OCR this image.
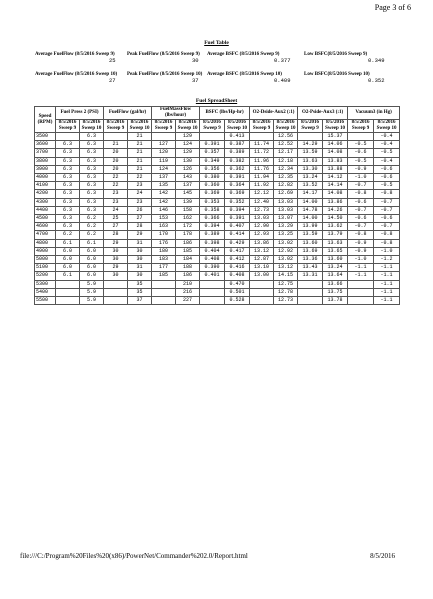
Page 3 of 6
Fuel Table
Average FuelFlow (8/5/2016 Sweep 9)
25
Peak FuelFlow (8/5/2016 Sweep 9)
30
Average BSFC (8/5/2016 Sweep 9)
0.377
Low BSFC(8/5/2016 Sweep 9)
0.349
Average FuelFlow (8/5/2016 Sweep 10)
27
Peak FuelFlow (8/5/2016 Sweep 10)
37
Average BSFC (8/5/2016 Sweep 10)
0.409
Low BSFC(8/5/2016 Sweep 10)
0.352
Fuel SpreadSheet
Speed (RPM)	Fuel Press 2 (PSI)		FuelFlow (gal/hr)		FuelMassFlow (lbs/hour)		BSFC (lbs/Hp-hr)		O2-Dside-Aux2 (:1)		O2-Pside-Aux3 (:1)		Vacuum3 (in Hg)	
	8/5/2016 Sweep 9	8/5/2016 Sweep 10	8/5/2016 Sweep 9	8/5/2016 Sweep 10	8/5/2016 Sweep 9	8/5/2016 Sweep 10	8/5/2016 Sweep 9	8/5/2016 Sweep 10	8/5/2016 Sweep 9	8/5/2016 Sweep 10	8/5/2016 Sweep 9	8/5/2016 Sweep 10	8/5/2016 Sweep 9	8/5/2016 Sweep 10
3500		6.3		21		129		0.413		12.56		15.37		-0.4
3600	6.3	6.3	21	21	127	124	0.391	0.387	11.74	12.52	14.29	14.06	-0.5	-0.4
3700	6.3	6.3	20	21	120	129	0.357	0.389	11.72	12.17	13.59	14.08	-0.6	-0.5
3800	6.3	6.3	20	21	119	130	0.349	0.382	11.96	12.18	13.63	13.83	-0.5	-0.4
3900	6.3	6.3	20	21	124	126	0.356	0.362	11.76	12.34	13.30	13.88	-0.9	-0.6
4000	6.3	6.3	22	22	137	143	0.380	0.391	11.94	12.35	13.24	14.12	-1.0	-0.6
4100	6.3	6.3	22	23	135	137	0.360	0.364	11.92	12.82	13.52	14.14	-0.7	-0.5
4200	6.3	6.3	23	24	142	145	0.369	0.369	12.12	12.69	14.17	14.08	-0.8	-0.8
4300	6.3	6.3	23	23	142	139	0.353	0.352	12.40	13.03	14.00	13.86	-0.6	-0.7
4400	6.3	6.3	24	26	146	158	0.358	0.394	12.73	13.03	14.78	14.26	-0.7	-0.7
4500	6.3	6.2	25	27	153	162	0.366	0.391	13.03	13.07	14.00	14.50	-0.6	-0.6
4600	6.3	6.2	27	28	163	172	0.394	0.407	12.90	13.29	13.99	13.62	-0.7	-0.7
4700	6.2	6.2	28	29	170	178	0.389	0.414	12.93	13.25	13.59	13.79	-0.8	-0.8
4800	6.1	6.1	29	31	176	186	0.398	0.429	13.86	13.02	13.60	13.63	-0.9	-0.8
4900	6.0	6.0	30	30	180	185	0.404	0.417	13.12	12.92	13.69	13.65	-0.9	-1.0
5000	6.0	6.0	30	30	183	184	0.408	0.412	12.87	13.02	13.36	13.60	-1.0	-1.2
5100	6.0	6.0	29	31	177	188	0.390	0.416	13.10	13.12	13.43	13.24	-1.1	-1.1
5200	6.1	6.0	30	30	185	186	0.401	0.408	13.00	14.15	13.31	13.64	-1.1	-1.1
5300		5.9		35		210		0.470		12.75		13.66		-1.1
5400		5.9		35		216		0.501		12.78		13.75		-1.1
5500		5.9		37		227		0.528		12.73		13.78		-1.1
file:///C:/Program%20Files%20(x86)/PowerNet/Commander%202.0/Report.html	8/5/2016
